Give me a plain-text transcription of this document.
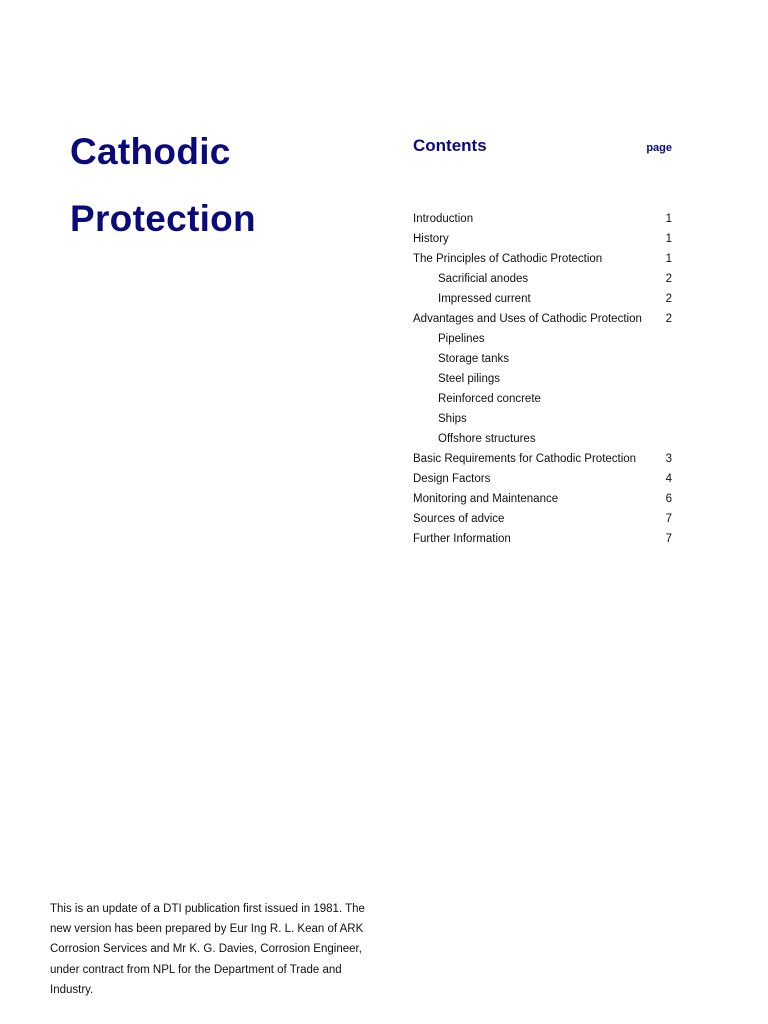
Cathodic
Protection
Contents	page
Introduction	1
History	1
The Principles of Cathodic Protection	1
Sacrificial anodes	2
Impressed current	2
Advantages and Uses of Cathodic Protection 2
Pipelines
Storage tanks
Steel pilings
Reinforced concrete
Ships
Offshore structures
Basic Requirements for Cathodic Protection	3
Design Factors	4
Monitoring and Maintenance	6
Sources of advice	7
Further Information	7

This is an update of a DTI publication first issued in 1981. The new version has been prepared by Eur Ing R. L. Kean of ARK Corrosion Services and Mr K. G. Davies, Corrosion Engineer, under contract from NPL for the Department of Trade and Industry.
